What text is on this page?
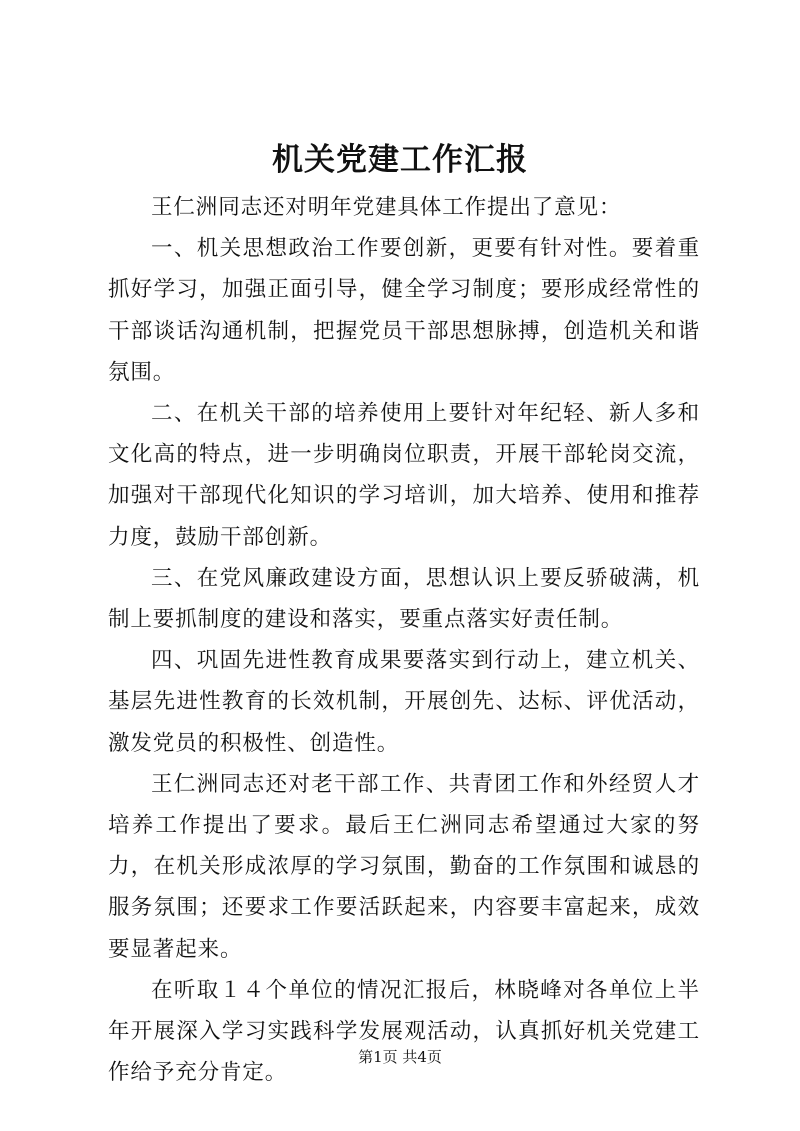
机关党建工作汇报

王仁洲同志还对明年党建具体工作提出了意见：

一、机关思想政治工作要创新，更要有针对性。要着重抓好学习，加强正面引导，健全学习制度；要形成经常性的干部谈话沟通机制，把握党员干部思想脉搏，创造机关和谐氛围。

二、在机关干部的培养使用上要针对年纪轻、新人多和文化高的特点，进一步明确岗位职责，开展干部轮岗交流，加强对干部现代化知识的学习培训，加大培养、使用和推荐力度，鼓励干部创新。

三、在党风廉政建设方面，思想认识上要反骄破满，机制上要抓制度的建设和落实，要重点落实好责任制。

四、巩固先进性教育成果要落实到行动上，建立机关、基层先进性教育的长效机制，开展创先、达标、评优活动，激发党员的积极性、创造性。

王仁洲同志还对老干部工作、共青团工作和外经贸人才培养工作提出了要求。最后王仁洲同志希望通过大家的努力，在机关形成浓厚的学习氛围，勤奋的工作氛围和诚恳的服务氛围；还要求工作要活跃起来，内容要丰富起来，成效要显著起来。

在听取１４个单位的情况汇报后，林晓峰对各单位上半年开展深入学习实践科学发展观活动，认真抓好机关党建工作给予充分肯定。

第1页 共4页
